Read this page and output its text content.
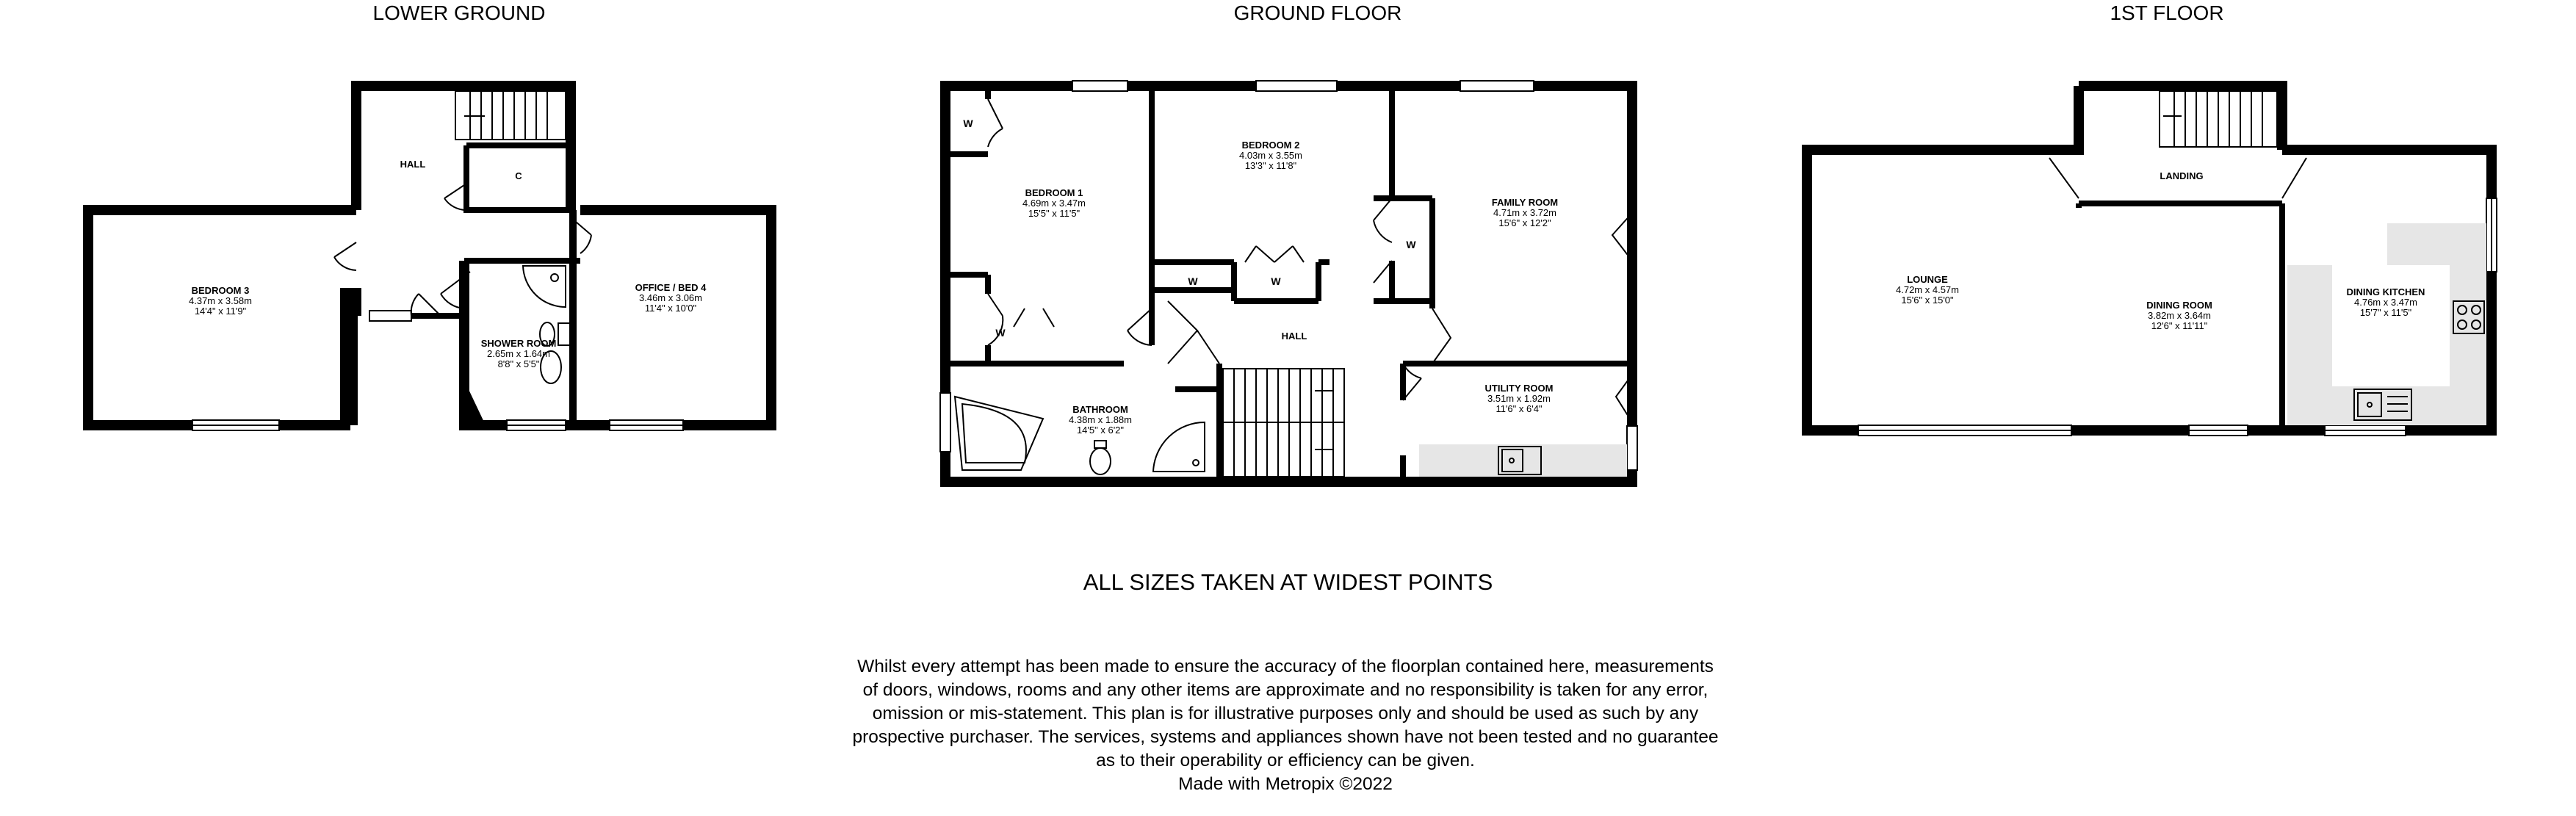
LOWER GROUND	GROUND FLOOR	1ST FLOOR
HALL
C
BEDROOM 3
4.37m x 3.58m
14'4" x 11'9"
OFFICE / BED 4
3.46m x 3.06m
11'4" x 10'0"
SHOWER ROOM
2.65m x 1.64m
8'8" x 5'5"
W
W
W	W
W
BEDROOM 1
4.69m x 3.47m
15'5" x 11'5"
BEDROOM 2
4.03m x 3.55m
13'3" x 11'8"
FAMILY ROOM
4.71m x 3.72m
15'6" x 12'2"
HALL
BATHROOM
4.38m x 1.88m
14'5" x 6'2"
UTILITY ROOM
3.51m x 1.92m
11'6" x 6'4"
LANDING
LOUNGE
4.72m x 4.57m
15'6" x 15'0"	DINING ROOM
3.82m x 3.64m
12'6" x 11'11"
DINING KITCHEN
4.76m x 3.47m
15'7" x 11'5"
ALL SIZES TAKEN AT WIDEST POINTS
Whilst every attempt has been made to ensure the accuracy of the floorplan contained here, measurements
of doors, windows, rooms and any other items are approximate and no responsibility is taken for any error,
omission or mis-statement. This plan is for illustrative purposes only and should be used as such by any
prospective purchaser. The services, systems and appliances shown have not been tested and no guarantee
as to their operability or efficiency can be given.
Made with Metropix ©2022
